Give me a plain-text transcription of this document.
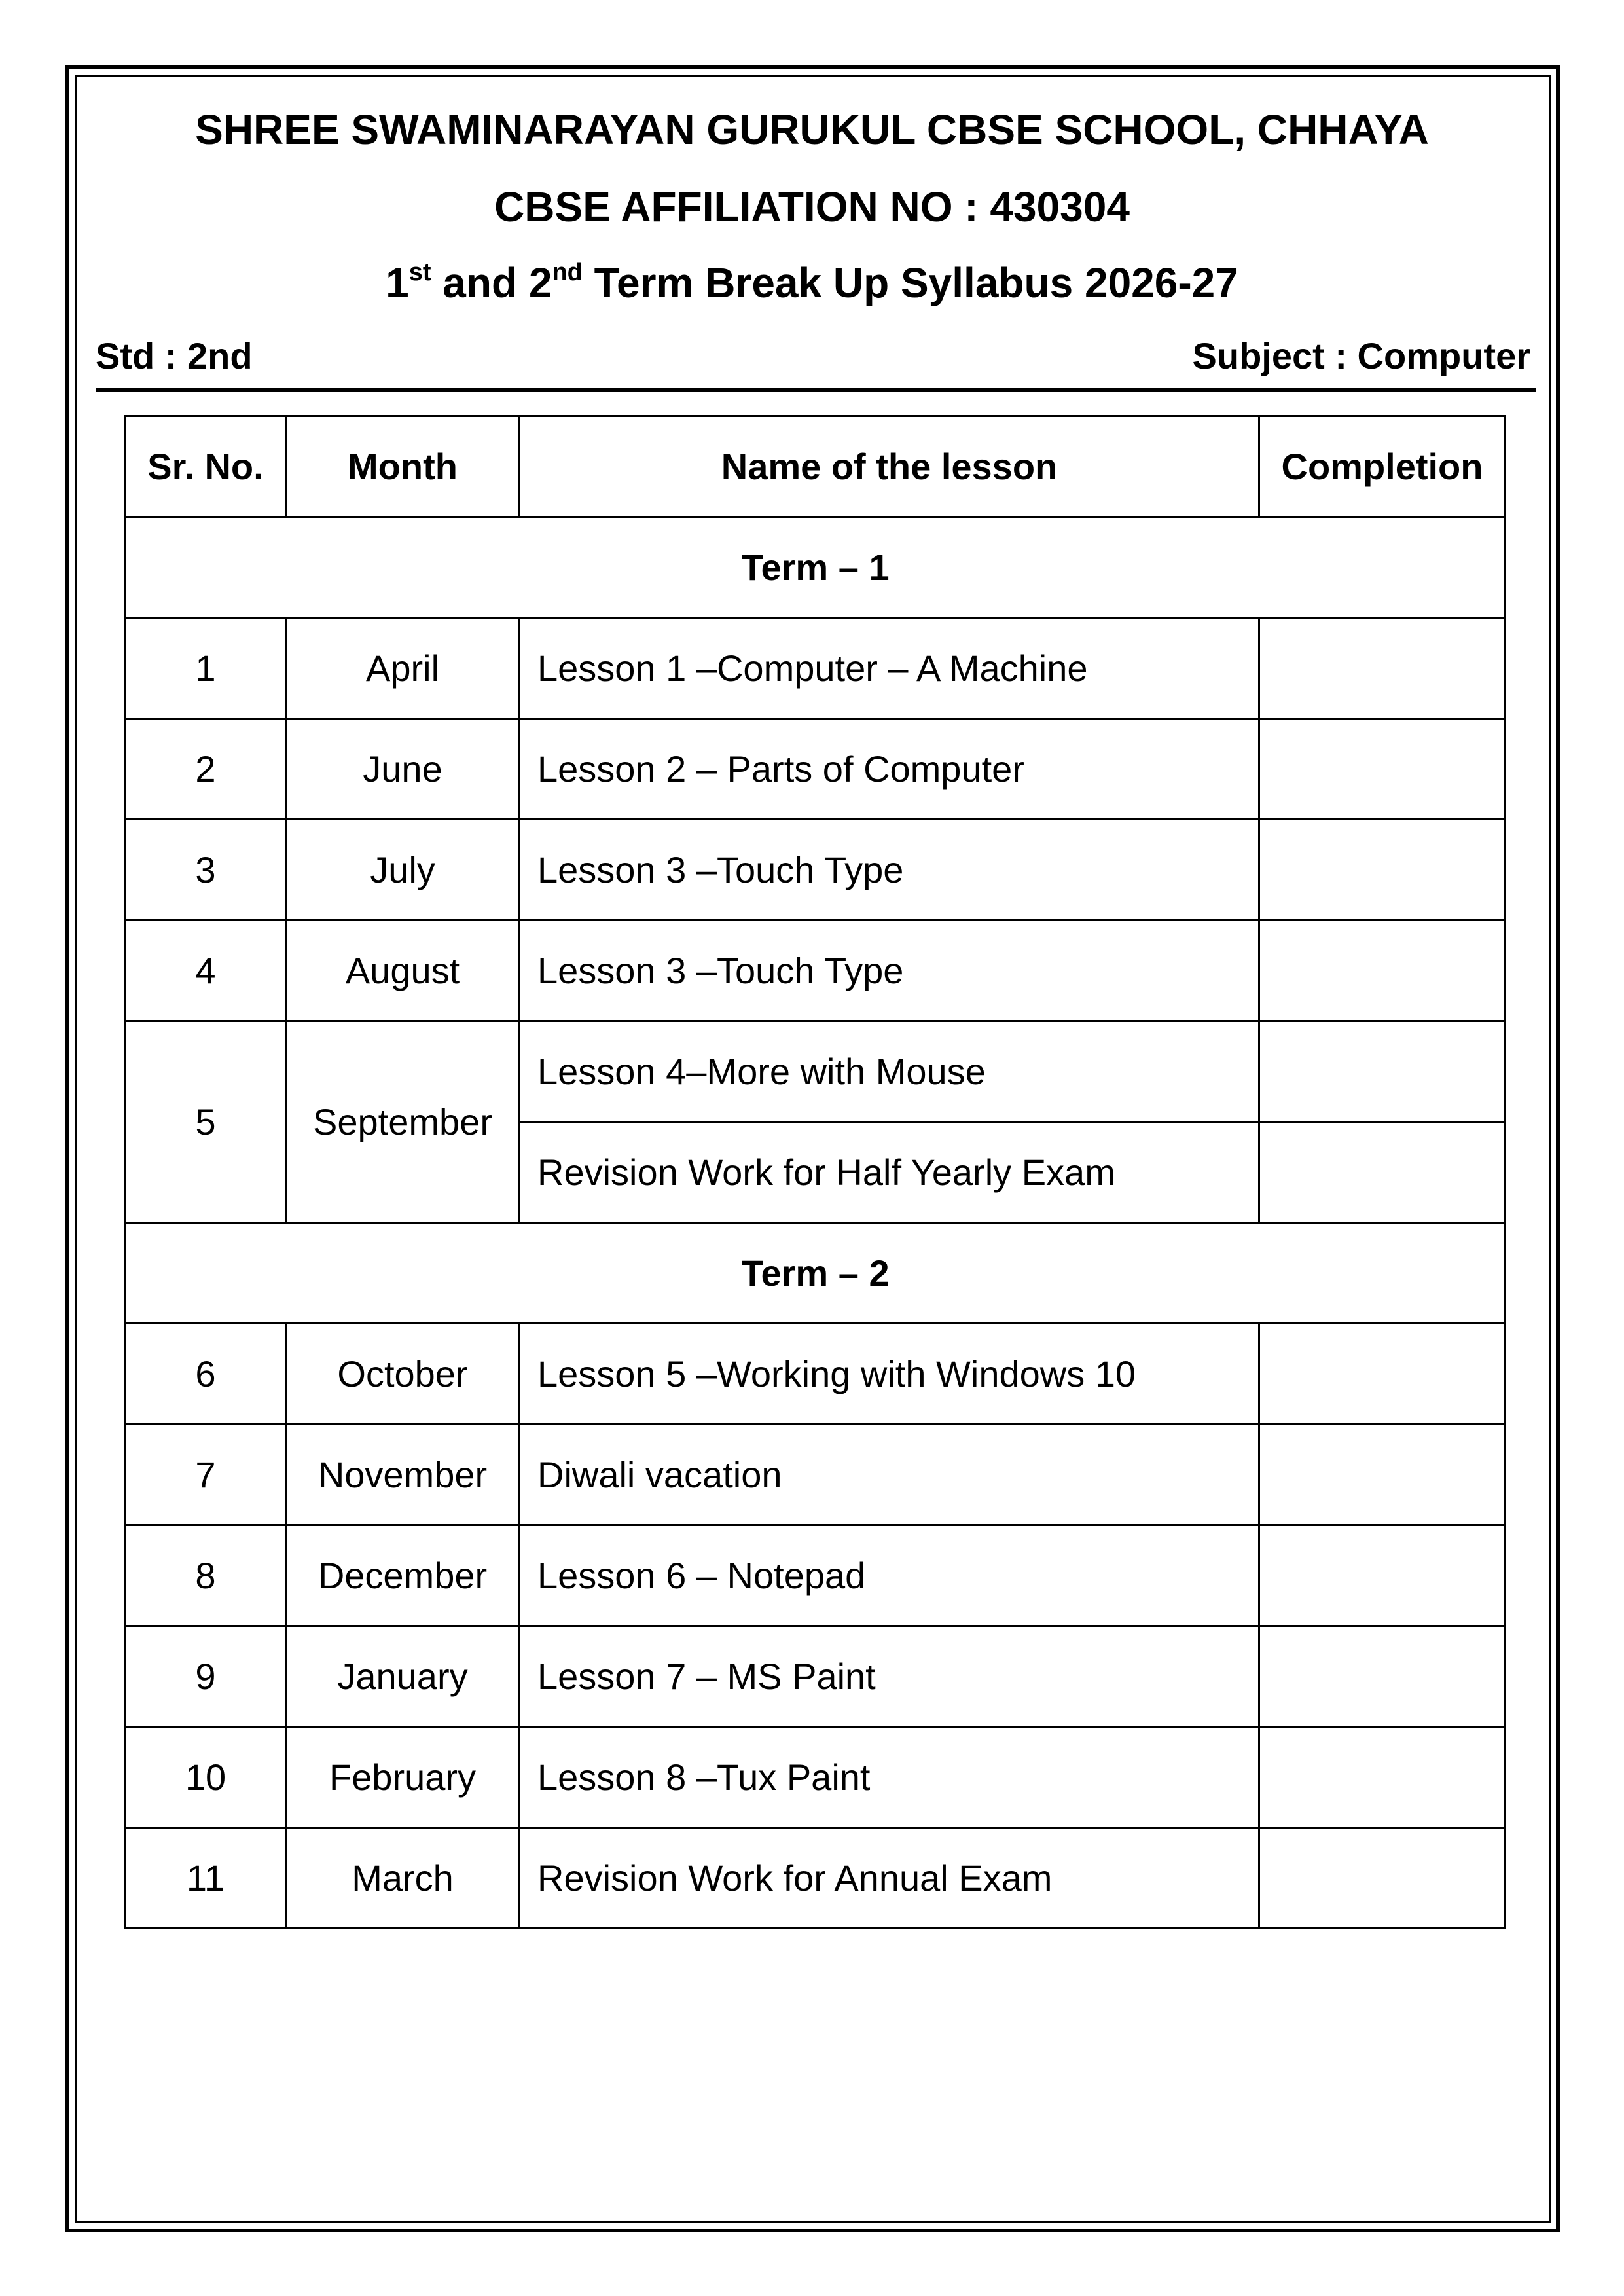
SHREE SWAMINARAYAN GURUKUL CBSE SCHOOL, CHHAYA
CBSE AFFILIATION NO : 430304
1st and 2nd Term Break Up Syllabus 2026-27
Std : 2nd	Subject : Computer
Sr. No.	Month	Name of the lesson	Completion
Term – 1			
1	April	Lesson 1 –Computer – A Machine	
2	June	Lesson 2 – Parts of Computer	
3	July	Lesson 3 –Touch Type	
4	August	Lesson 3 –Touch Type	
5	September	Lesson 4–More with Mouse	
		Revision Work for Half Yearly Exam	
Term – 2			
6	October	Lesson 5 –Working with Windows 10	
7	November	Diwali vacation	
8	December	Lesson 6 – Notepad	
9	January	Lesson 7 – MS Paint	
10	February	Lesson 8 –Tux Paint	
11	March	Revision Work for Annual Exam	
